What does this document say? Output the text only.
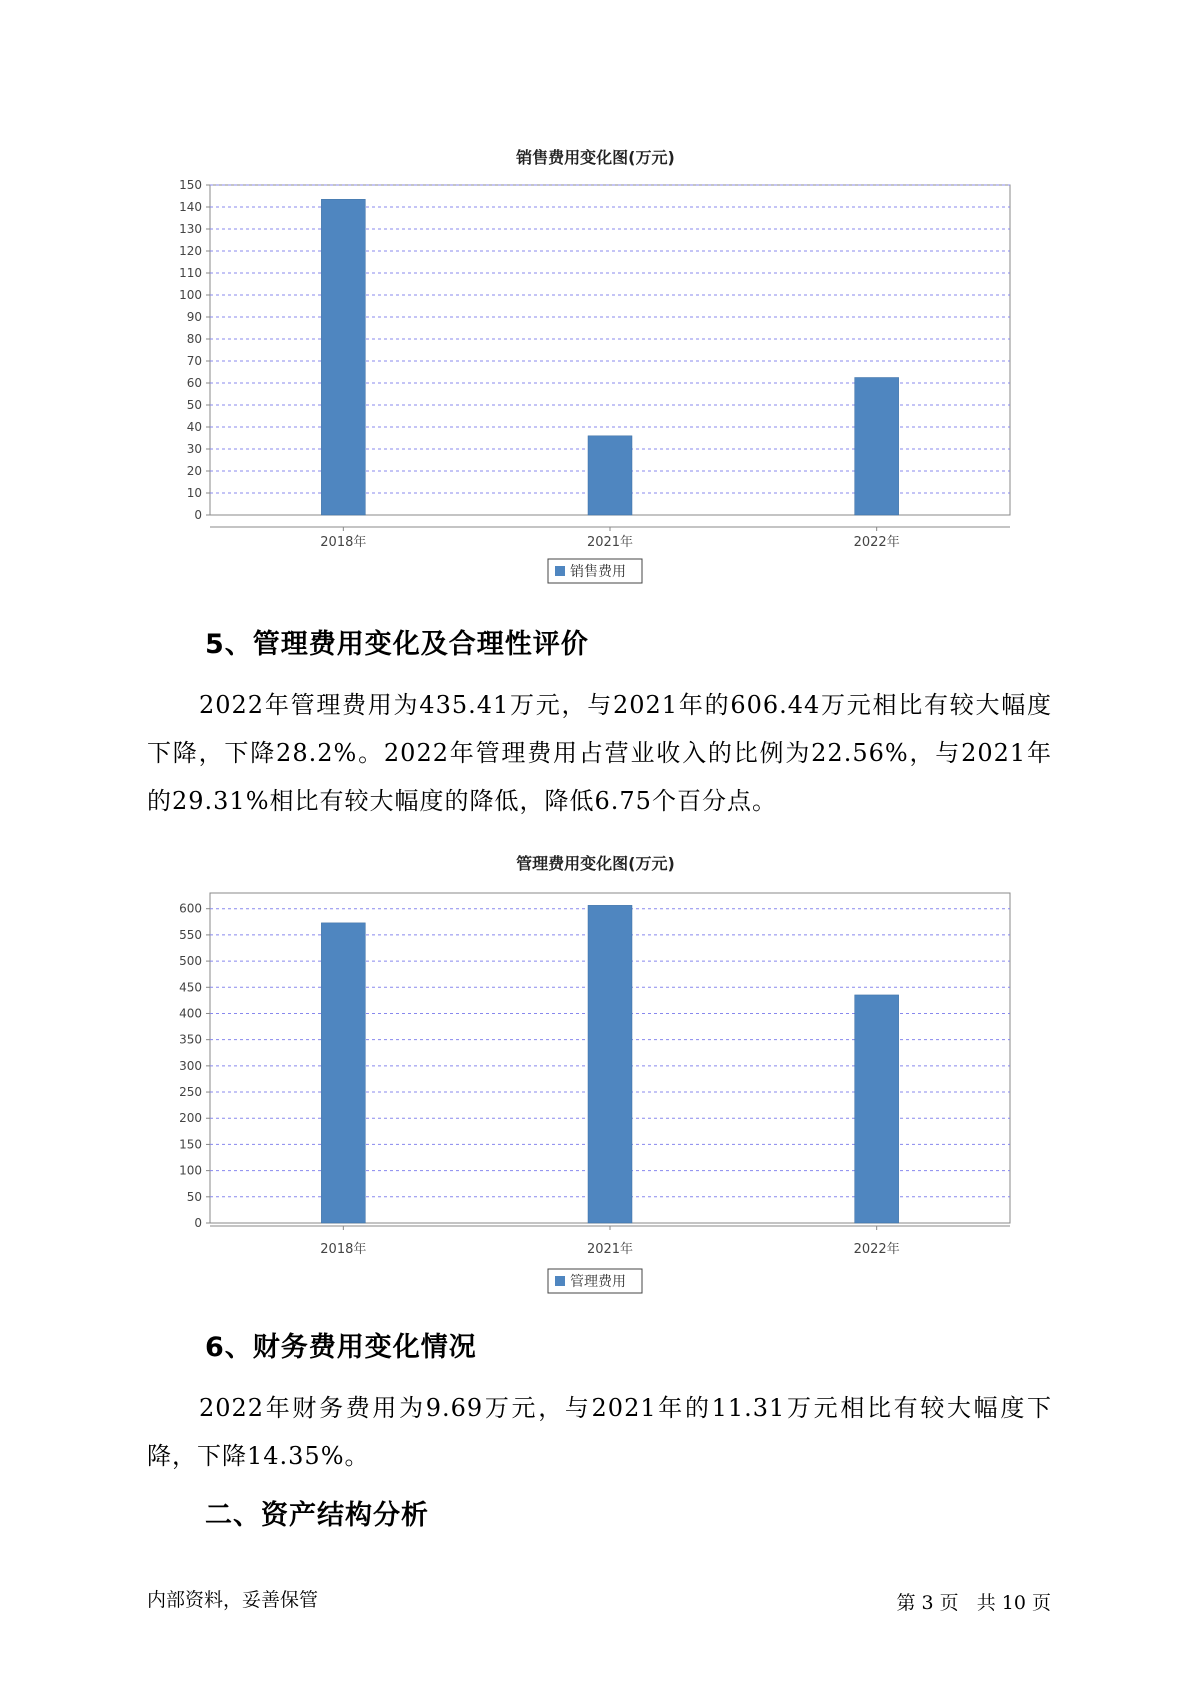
销售费用变化图(万元)
0
10
20
30
40
50
60
70
80
90
100
110
120
130
140
150
2018年	2021年	2022年
销售费用
5、管理费用变化及合理性评价

2022年管理费用为435.41万元，与2021年的606.44万元相比有较大幅度下降，下降28.2%。2022年管理费用占营业收入的比例为22.56%，与2021年的29.31%相比有较大幅度的降低，降低6.75个百分点。

管理费用变化图(万元)
0
50
100
150
200
250
300
350
400
450
500
550
600
2018年	2021年	2022年
管理费用
6、财务费用变化情况

2022年财务费用为9.69万元，与2021年的11.31万元相比有较大幅度下降，下降14.35%。

二、资产结构分析
内部资料，妥善保管	第 3 页   共 10 页
